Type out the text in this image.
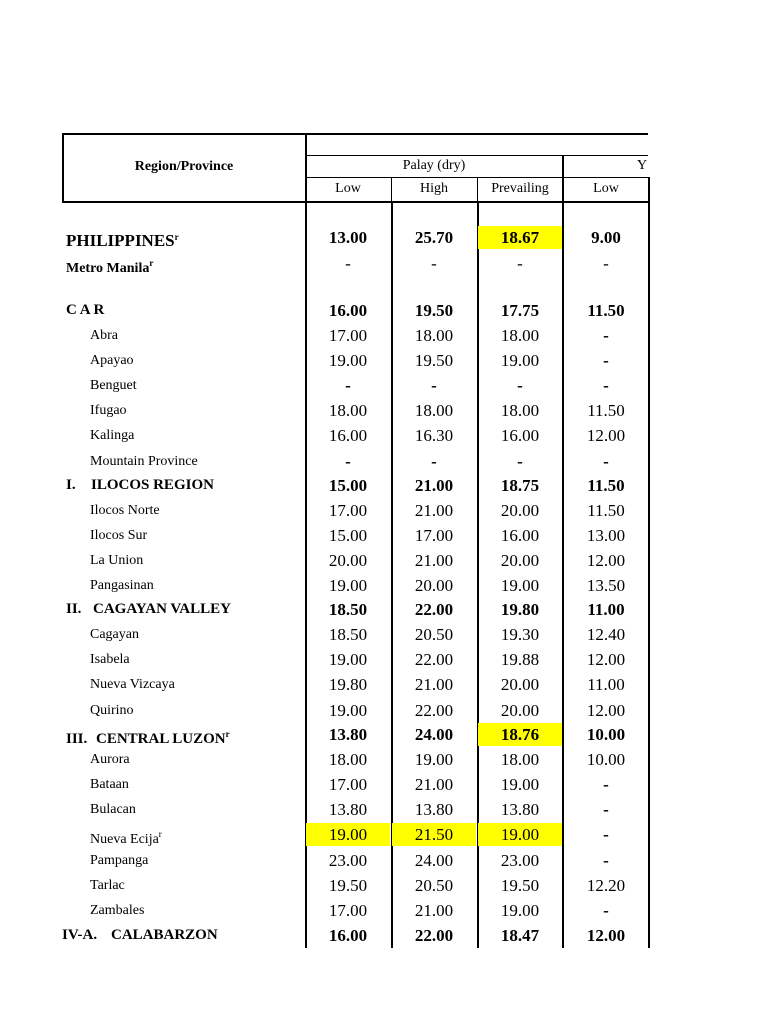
Region/Province	Palay (dry)	Y
Low	High	Prevailing	Low
PHILIPPINES$^r$	13.00	25.70	18.67	9.00
Metro Manila$^r$	-	-	-	-
C A R	16.00	19.50	17.75	11.50
Abra	17.00	18.00	18.00	-
Apayao	19.00	19.50	19.00	-
Benguet	-	-	-	-
Ifugao	18.00	18.00	18.00	11.50
Kalinga	16.00	16.30	16.00	12.00
Mountain Province	-	-	-	-
I. ILOCOS REGION	15.00	21.00	18.75	11.50
Ilocos Norte	17.00	21.00	20.00	11.50
Ilocos Sur	15.00	17.00	16.00	13.00
La Union	20.00	21.00	20.00	12.00
Pangasinan	19.00	20.00	19.00	13.50
II. CAGAYAN VALLEY	18.50	22.00	19.80	11.00
Cagayan	18.50	20.50	19.30	12.40
Isabela	19.00	22.00	19.88	12.00
Nueva Vizcaya	19.80	21.00	20.00	11.00
Quirino	19.00	22.00	20.00	12.00
III. CENTRAL LUZON$^r$	13.80	24.00	18.76	10.00
Aurora	18.00	19.00	18.00	10.00
Bataan	17.00	21.00	19.00	-
Bulacan	13.80	13.80	13.80	-
Nueva Ecija$^r$	19.00	21.50	19.00	-
Pampanga	23.00	24.00	23.00	-
Tarlac	19.50	20.50	19.50	12.20
Zambales	17.00	21.00	19.00	-
IV-A. CALABARZON	16.00	22.00	18.47	12.00
